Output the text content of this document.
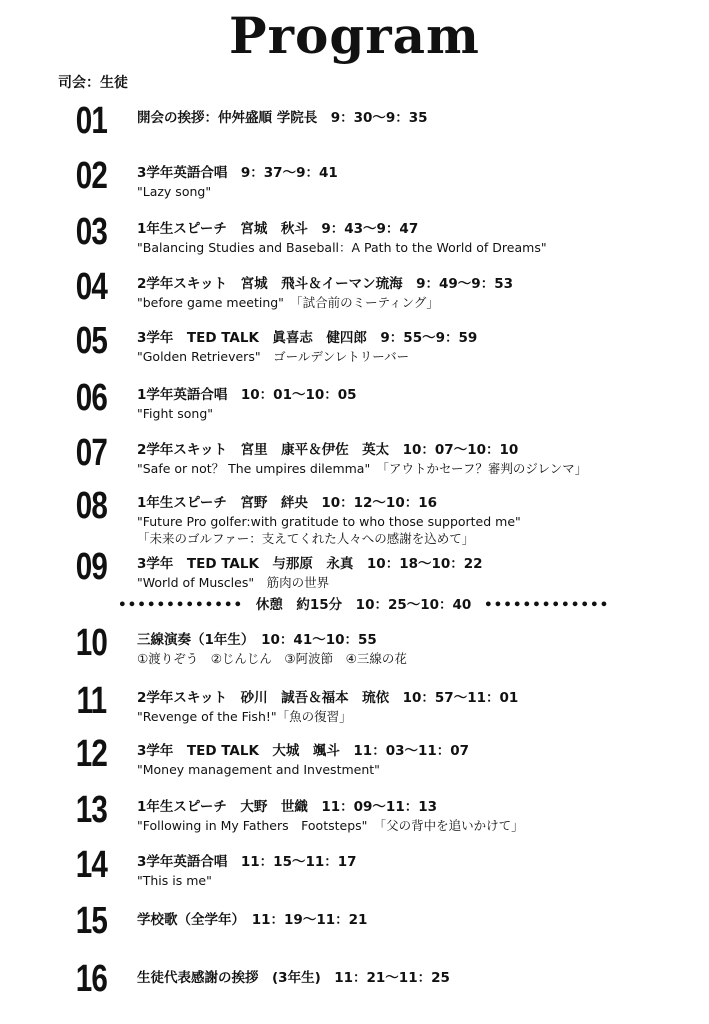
Program
司会：生徒
01	開会の挨拶：仲舛盛順 学院長　9：30〜9：35
02	3学年英語合唱　9：37〜9：41
"Lazy song"
03	1年生スピーチ　宮城　秋斗　9：43〜9：47
"Balancing Studies and Baseball：A Path to the World of Dreams"
04	2学年スキット　宮城　飛斗＆イーマン琉海　9：49〜9：53
"before game meeting"　「試合前のミーティング」
05	3学年　TED TALK　眞喜志　健四郎　9：55〜9：59
"Golden Retrievers"　ゴールデンレトリーバー
06	1学年英語合唱　10：01〜10：05
"Fight song"
07	2学年スキット　宮里　康平＆伊佐　英太　10：07〜10：10
"Safe or not？ The umpires dilemma"　「アウトかセーフ？審判のジレンマ」
08	1年生スピーチ　宮野　絆央　10：12〜10：16
"Future Pro golfer:with gratitude to who those supported me"
「未来のゴルファー：支えてくれた人々への感謝を込めて」
09	3学年　TED TALK　与那原　永真　10：18〜10：22
"World of Muscles"　筋肉の世界
••••••••••••• 休憩　約15分　10：25〜10：40 •••••••••••••
10	三線演奏（1年生）　10：41〜10：55
①渡りぞう　②じんじん　③阿波節　④三線の花
11	2学年スキット　砂川　誠吾＆福本　琉依　10：57〜11：01
"Revenge of the Fish!"「魚の復習」
12	3学年　TED TALK　大城　颯斗　11：03〜11：07
"Money management and Investment"
13	1年生スピーチ　大野　世織　11：09〜11：13
"Following in My Fathers　Footsteps"　「父の背中を追いかけて」
14	3学年英語合唱　11：15〜11：17
"This is me"
15	学校歌（全学年）　11：19〜11：21
16	生徒代表感謝の挨拶　(3年生)　11：21〜11：25
